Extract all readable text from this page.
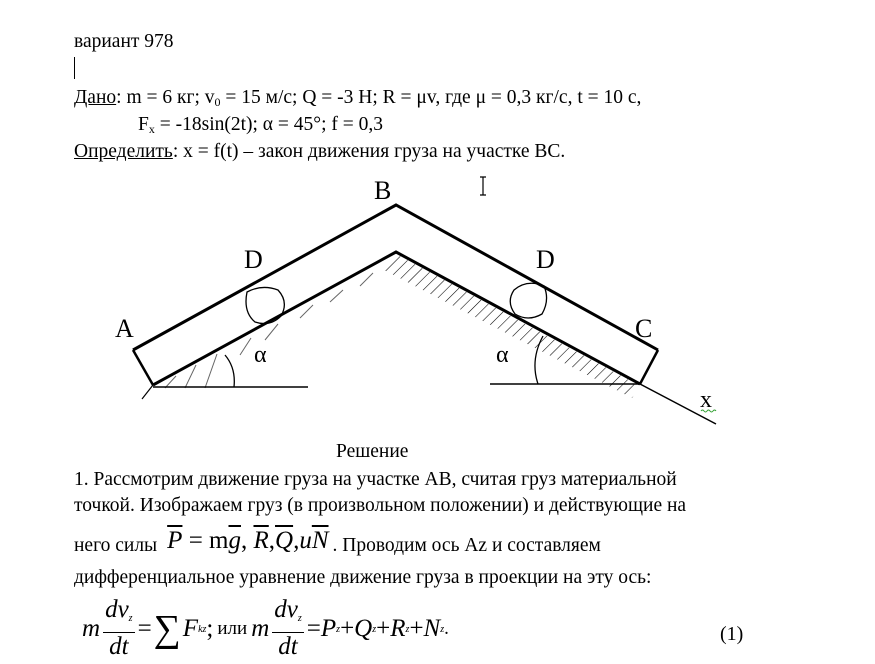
вариант 978
Дано: m = 6 кг; $v_0 = 15$ м/с; Q = -3 Н; R = μv, где μ = 0,3 кг/с, t = 10 с,
$F_x = -18\sin(2t)$; α = 45°; f = 0,3
Определить: x = f(t) – закон движения груза на участке ВС.
B
A	C
D	D
α	α
x
Решение
1. Рассмотрим движение груза на участке АВ, считая груз материальной
точкой. Изображаем груз (в произвольном положении) и действующие на
него силы $\overline{P} = m\overline{g}$, $\overline{R},\overline{Q},u\overline{N}$ . Проводим ось Аz и составляем
дифференциальное уравнение движение груза в проекции на эту ось:
m $\frac{\text{dvz}}{dt}$ = ∑ F kz ; или m $\frac{\text{dvz}}{dt} = P$ z + Q z + R z + N z .	(1)
